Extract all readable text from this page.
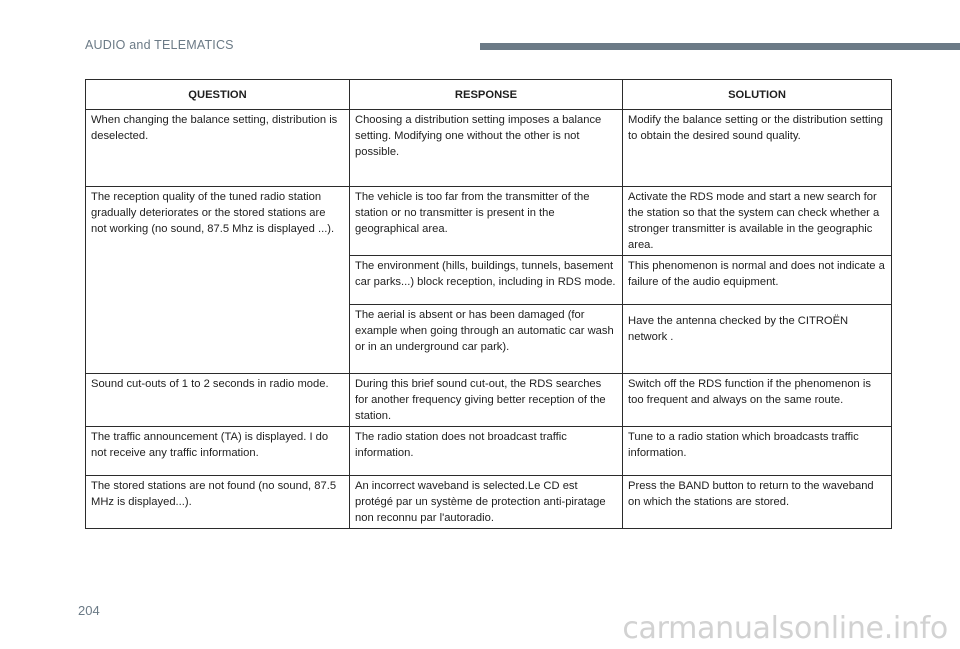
AUDIO and TELEMATICS
QUESTION	RESPONSE	SOLUTION
When changing the balance setting, distribution is deselected.	Choosing a distribution setting imposes a balance setting. Modifying one without the other is not possible.	Modify the balance setting or the distribution setting to obtain the desired sound quality.
The reception quality of the tuned radio station gradually deteriorates or the stored stations are not working (no sound, 87.5 Mhz is displayed ...).	The vehicle is too far from the transmitter of the station or no transmitter is present in the geographical area.	Activate the RDS mode and start a new search for the station so that the system can check whether a stronger transmitter is available in the geographic area.
	The environment (hills, buildings, tunnels, basement car parks...) block reception, including in RDS mode.	This phenomenon is normal and does not indicate a failure of the audio equipment.
	The aerial is absent or has been damaged (for example when going through an automatic car wash or in an underground car park).	Have the antenna checked by the CITROËN network .
Sound cut-outs of 1 to 2 seconds in radio mode.	During this brief sound cut-out, the RDS searches for another frequency giving better reception of the station.	Switch off the RDS function if the phenomenon is too frequent and always on the same route.
The traffic announcement (TA) is displayed. I do not receive any traffic information.	The radio station does not broadcast traffic information.	Tune to a radio station which broadcasts traffic information.
The stored stations are not found (no sound, 87.5 MHz is displayed...).	An incorrect waveband is selected.Le CD est protégé par un système de protection anti-piratage non reconnu par l'autoradio.	Press the BAND button to return to the waveband on which the stations are stored.
204
carmanualsonline.info
